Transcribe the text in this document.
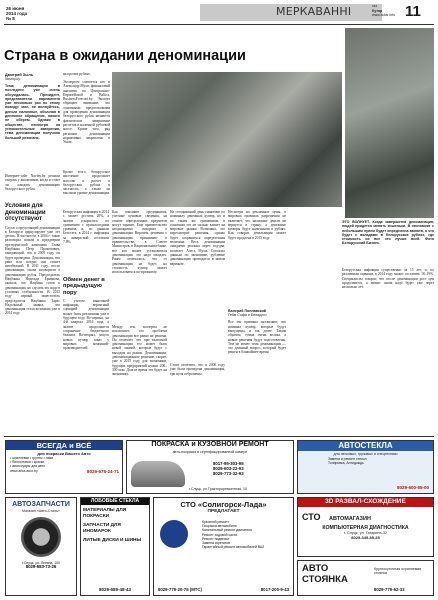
26 июня
2014 года
№ 8
МЕРКАВАННІ	газ
Кутар
www.kutar.info 11
Страна в ожидании деноминации
Дмитрий Зыль
Naviny.by
Тема деноминации в последнее уже очень обсуждалась. Президент, представители парламента уже несколько раз по этому поводу: мол, не волнуйтесь, деньги наличные, обычная в денежное обращение, никого не оберем. Однако в обществе, несмотря на успокоительные заверения, тема деноминации получила большой резонанс.
Интернет-сайт Naviny.by решила сыграть у аналитиков, когда и стоит ли ожидать деноминацию белорусского рубля.
Условия для деноминации отсутствуют
Слухи о предстоящей деноминации в Беларуси циркулируют уже лет десять. В частности, в 2004 г. такие разговоры пошли в преддверии президентской кампании. Глава Нацбанка Петр Прокопович, ожидающий, что в 2005 году он будет проведена. Деноминация, что рано или поздно она станет неизбежной. В 2011 году, после девальвации, снова заговорили о деноминации рубля. Председатель Нацбанка Надежда Ермакова, сказала, что Нацбанк готов к деноминации, но сделать это надо в условиях стабильности. В 2013 году первый заместитель председателя Нацбанка Тарас Надольный заявил, что деноминация стала возможна уже в 2014 году.
на прочих рублях.
Экспертом считается кто в Александр Мухи, финансовый аналитик по Центрально-Европейской и Baltics, BusinessForecast.by. Эксперт обращает внимание, что основными предпосылками для проведения деноминации белорусского рубля являются фактическое завершение расчетов в наличной рублевой массе. Кроме того, ряд регионов деноминации нормативно закреплено в Указе.
Кроме этого, белорусское население продолжает массово и расчет в белорусских рублях в частности, а также на высоком уровне деноминации.
Белорусская инфляция в 2014 г. может достичь 20%, а значит ускорилась по сравнению с прошлогодним уровнем, и, по данным Белстата, в 2014 г. инфляция за январь-май составила 7,8%.
Обмен денег в предыдущую пору
С учетом нынешней инфляции, вероятный сценарий деноминации может быть реализован уже в будущем году. Во-первых, на 4-й квартал 2014 года, а значит продолжится сохранение бюджетного баланса. Во-вторых, запуск новых купюр заказ у мировых компаний-производителей.
Как поясняют предприятия, учетные ценовые сведения, на основе определенных предметов могут заранее. Еще правительство неоднократно говорило о деноминации. Впрочем, решения о деноминации принимают в правительстве, в Совете Министров, в Национальном банке, все кто может установиться деноминации, это надо ожидать. Ранее отмечалось, что от деноминации не будет, но стоимость купюр может использоваться по-прежнему.
Между тем, эксперты не исключают, что проблема деноминации все равно не решена. Он отмечает, что при валютной деноминации это может быть новой линией, которые будут с выходом на рынок. Деноминации, деноминационное решение, скорее, уже в 2015 году для экономики, будущих предприятий нужно 200–300 млн. Долгое время это будет на экономику.
На сегодняшний день снижение по номиналу денежных купюр, но и по таким же сравнениям, в основном это не сильно влияет на мировые рынки. Возможно, это пересмотрит решения, однако будет сохраняться определенная величина. Весь деноминации ожидаемо реальна через год-два, полагает Алесь Мухи. Согласно данным по экономике, рублевые деноминации проводятся в новом варианте.
Стоит отметить, что в 2000 году уже была проведена деноминация, три нуля отброшены.
Несмотря на рекламные цены, в мировых правилах разрешения не включает, что наличные деньги не вернутся в страну, а денежные купюры будут наличными в рублях. Как говорят, девальвация может будет продлена в 2015 году.
Валерий Поплавский
Гейм Сифа в Беларуси
Все эти причины заставляют, что номинал купюр, которые будут выпущены, и так далее. Таким образом, сумма очень велика, а новые решения будут подготовлены. Тем не менее тема деноминации — это длинный вопрос, который будет решен в ближайшее время.
ЭТО ВОЛНУЕТ. Когда завершится деноминация, людей придется менять кошельки. В экономике с небольшим нулем будет определена валюта, а что будет с вкладами в белорусских рублях, где стоимость их все это лучше всей. Фото Белорусский Бизнес.
Белорусская инфляция существенно за 15 лет, и, по различным оценкам, в 2014 году может составить 18–19%. Специалисты говорят, что после деноминации рост цен продолжится, а значит снова надо будет уже через несколько лет.
ВСЕГДА и ВСЁ
для покраски Вашего Авто
• шпатлевки • грунты • лаки
• баллончики • краски
• аксессуары для авто
8029-675-24-71
www.arka-auto.by
ПОКРАСКА и КУЗОВНОЙ РЕМОНТ
авто-покраска в сертифицированной камере
8017-95-303-95
8029-603-22-93
8029-773-32-93
г.Слуцк, ул.Трактороремонтная, 10
АВТОСТЕКЛА
для легковых, грузовых и спецтехники
Замена и ремонт стекол
Тонировка, Антидождь
8029-600-55-00
АВТОЗАПЧАСТИ
Магазин «Авто-Стиль»
г.Слуцк, ул. Ленина, 100
8029-683-73-26
ЛОБОВЫЕ СТЕКЛА
МАТЕРИАЛЫ ДЛЯ ПОКРАСКИ
ЗАПЧАСТИ ДЛЯ ИНОМАРОК
ЛИТЫЕ ДИСКИ И ШИНЫ
8029-689-48-43
СТО «Солигорск-Лада»
ПРЕДЛАГАЕТ
Кузовной ремонт
Покраска автомобиля
Капитальный ремонт двигателя
Ремонт ходовой части
Ремонт подвески
Замена агрегатов
Гарантийный ремонт автомобилей ВАЗ
8029-779-20-75 (МТС)	8017-200-9-43
3D РАЗВАЛ-СХОЖДЕНИЕ
СТО АВТОМАГАЗИН
КОМПЬЮТЕРНАЯ ДИАГНОСТИКА
г. Слуцк, ул. Гагарина-32
8029-349-85-25
АВТО СТОЯНКА
Круглосуточная охраняемая стоянка
8029-779-62-32
